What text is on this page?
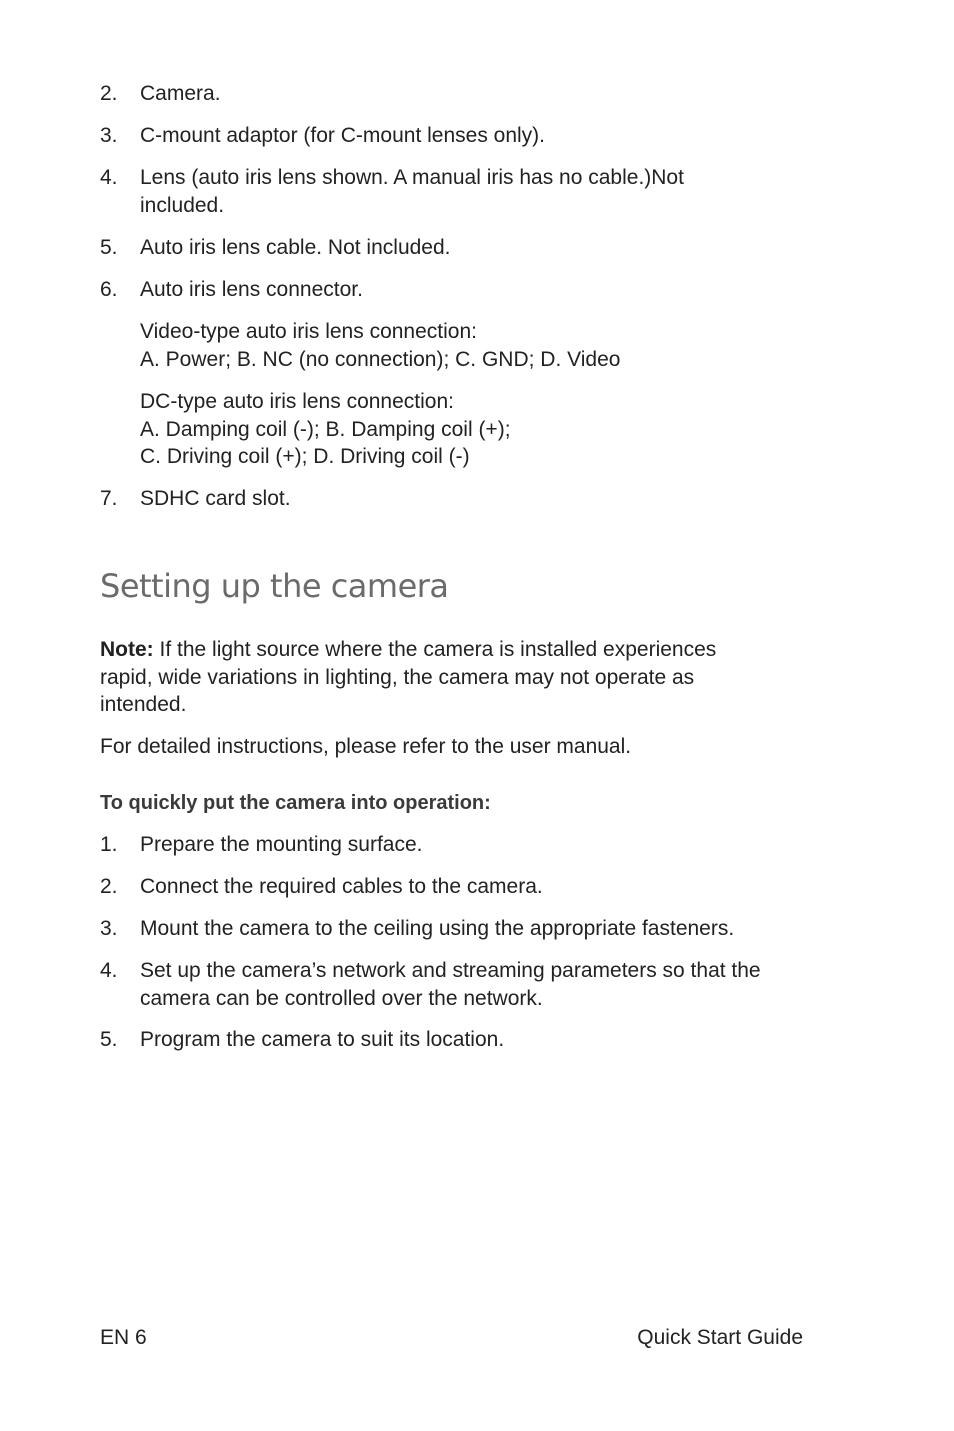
2. Camera.
3. C-mount adaptor (for C-mount lenses only).
4. Lens (auto iris lens shown. A manual iris has no cable.)Not included.
5. Auto iris lens cable. Not included.
6. Auto iris lens connector.
Video-type auto iris lens connection:
A. Power; B. NC (no connection); C. GND; D. Video
DC-type auto iris lens connection:
A. Damping coil (-); B. Damping coil (+);
C. Driving coil (+); D. Driving coil (-)
7. SDHC card slot.
Setting up the camera
Note: If the light source where the camera is installed experiences rapid, wide variations in lighting, the camera may not operate as intended.
For detailed instructions, please refer to the user manual.
To quickly put the camera into operation:
1. Prepare the mounting surface.
2. Connect the required cables to the camera.
3. Mount the camera to the ceiling using the appropriate fasteners.
4. Set up the camera’s network and streaming parameters so that the camera can be controlled over the network.
5. Program the camera to suit its location.
EN 6	Quick Start Guide
